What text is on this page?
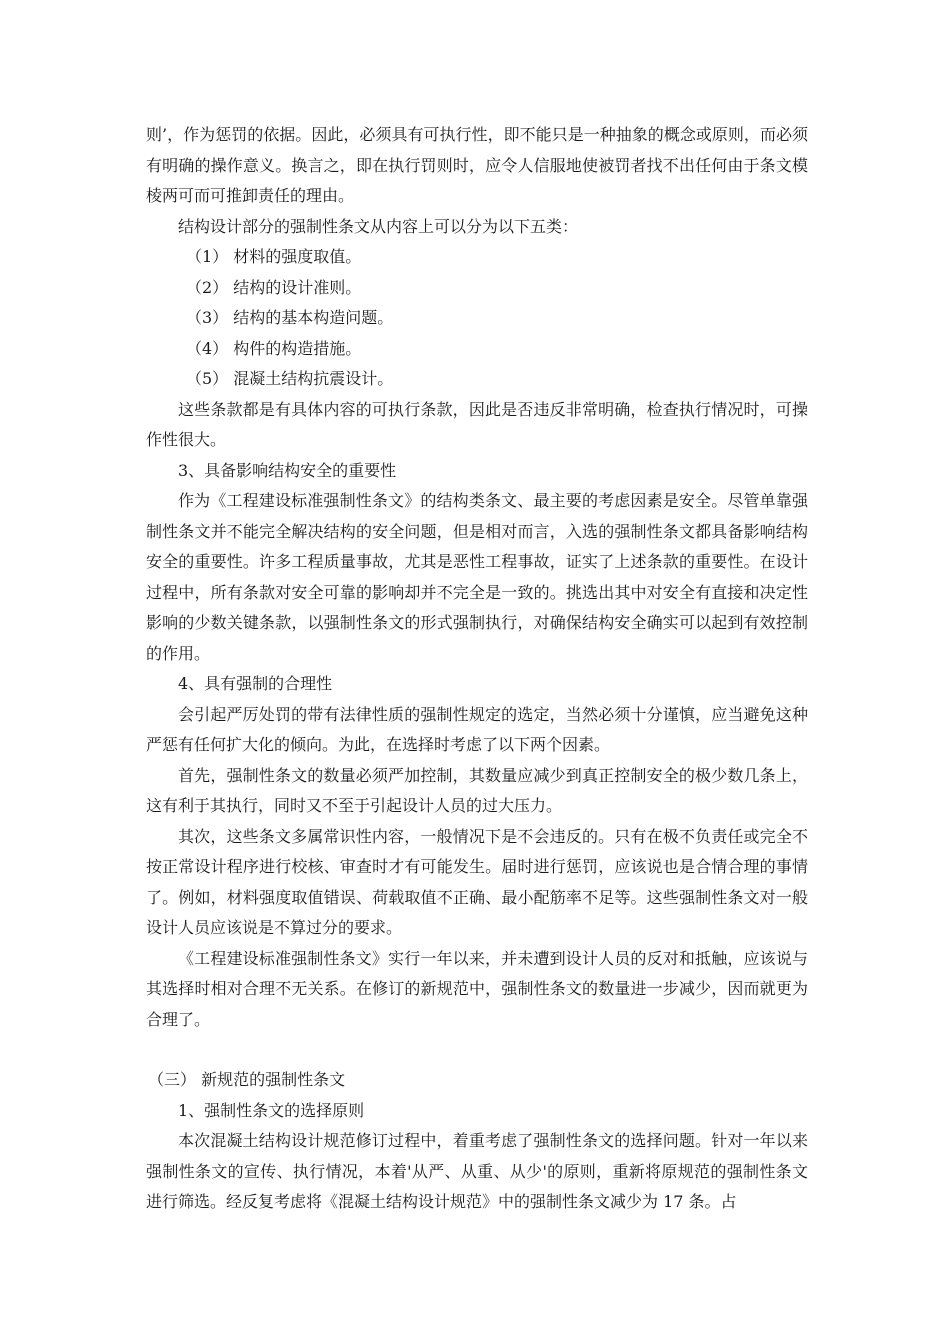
则’，作为惩罚的依据。因此，必须具有可执行性，即不能只是一种抽象的概念或原则，而必须有明确的操作意义。换言之，即在执行罚则时，应令人信服地使被罚者找不出任何由于条文模棱两可而可推卸责任的理由。

结构设计部分的强制性条文从内容上可以分为以下五类：

（1） 材料的强度取值。

（2） 结构的设计准则。

（3） 结构的基本构造问题。

（4） 构件的构造措施。

（5） 混凝土结构抗震设计。

这些条款都是有具体内容的可执行条款，因此是否违反非常明确，检查执行情况时，可操作性很大。

3、具备影响结构安全的重要性

作为《工程建设标准强制性条文》的结构类条文、最主要的考虑因素是安全。尽管单靠强制性条文并不能完全解决结构的安全问题，但是相对而言，入选的强制性条文都具备影响结构安全的重要性。许多工程质量事故，尤其是恶性工程事故，证实了上述条款的重要性。在设计过程中，所有条款对安全可靠的影响却并不完全是一致的。挑选出其中对安全有直接和决定性影响的少数关键条款，以强制性条文的形式强制执行，对确保结构安全确实可以起到有效控制的作用。

4、具有强制的合理性

会引起严厉处罚的带有法律性质的强制性规定的选定，当然必须十分谨慎，应当避免这种严惩有任何扩大化的倾向。为此，在选择时考虑了以下两个因素。

首先，强制性条文的数量必须严加控制，其数量应减少到真正控制安全的极少数几条上，这有利于其执行，同时又不至于引起设计人员的过大压力。

其次，这些条文多属常识性内容，一般情况下是不会违反的。只有在极不负责任或完全不按正常设计程序进行校核、审查时才有可能发生。届时进行惩罚，应该说也是合情合理的事情了。例如，材料强度取值错误、荷载取值不正确、最小配筋率不足等。这些强制性条文对一般设计人员应该说是不算过分的要求。

《工程建设标准强制性条文》实行一年以来，并未遭到设计人员的反对和抵触，应该说与其选择时相对合理不无关系。在修订的新规范中，强制性条文的数量进一步减少，因而就更为合理了。

（三） 新规范的强制性条文

1、强制性条文的选择原则

本次混凝土结构设计规范修订过程中，着重考虑了强制性条文的选择问题。针对一年以来强制性条文的宣传、执行情况，本着'从严、从重、从少'的原则，重新将原规范的强制性条文进行筛选。经反复考虑将《混凝土结构设计规范》中的强制性条文减少为 17 条。占
